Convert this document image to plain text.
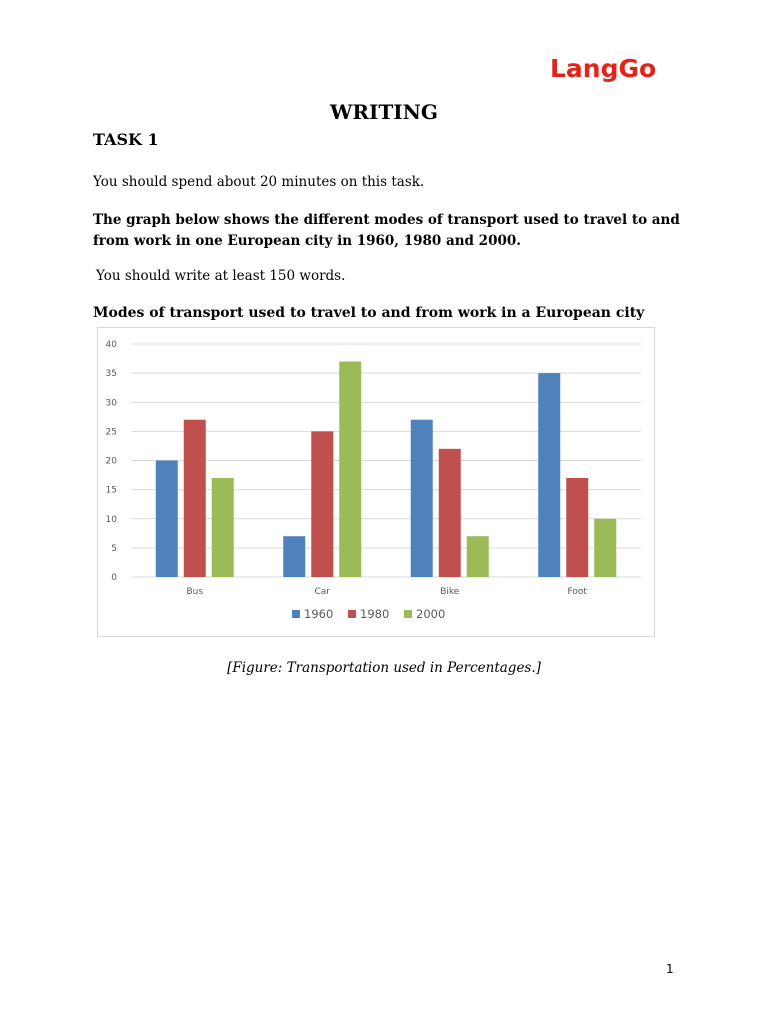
LangGo
WRITING
TASK 1
You should spend about 20 minutes on this task.
The graph below shows the different modes of transport used to travel to and from work in one European city in 1960, 1980 and 2000.
You should write at least 150 words.
Modes of transport used to travel to and from work in a European city
0
5
10
15
20
25
30
35
40
Bus	Car	Bike	Foot
1960 1980 2000
[Figure: Transportation used in Percentages.]
1
